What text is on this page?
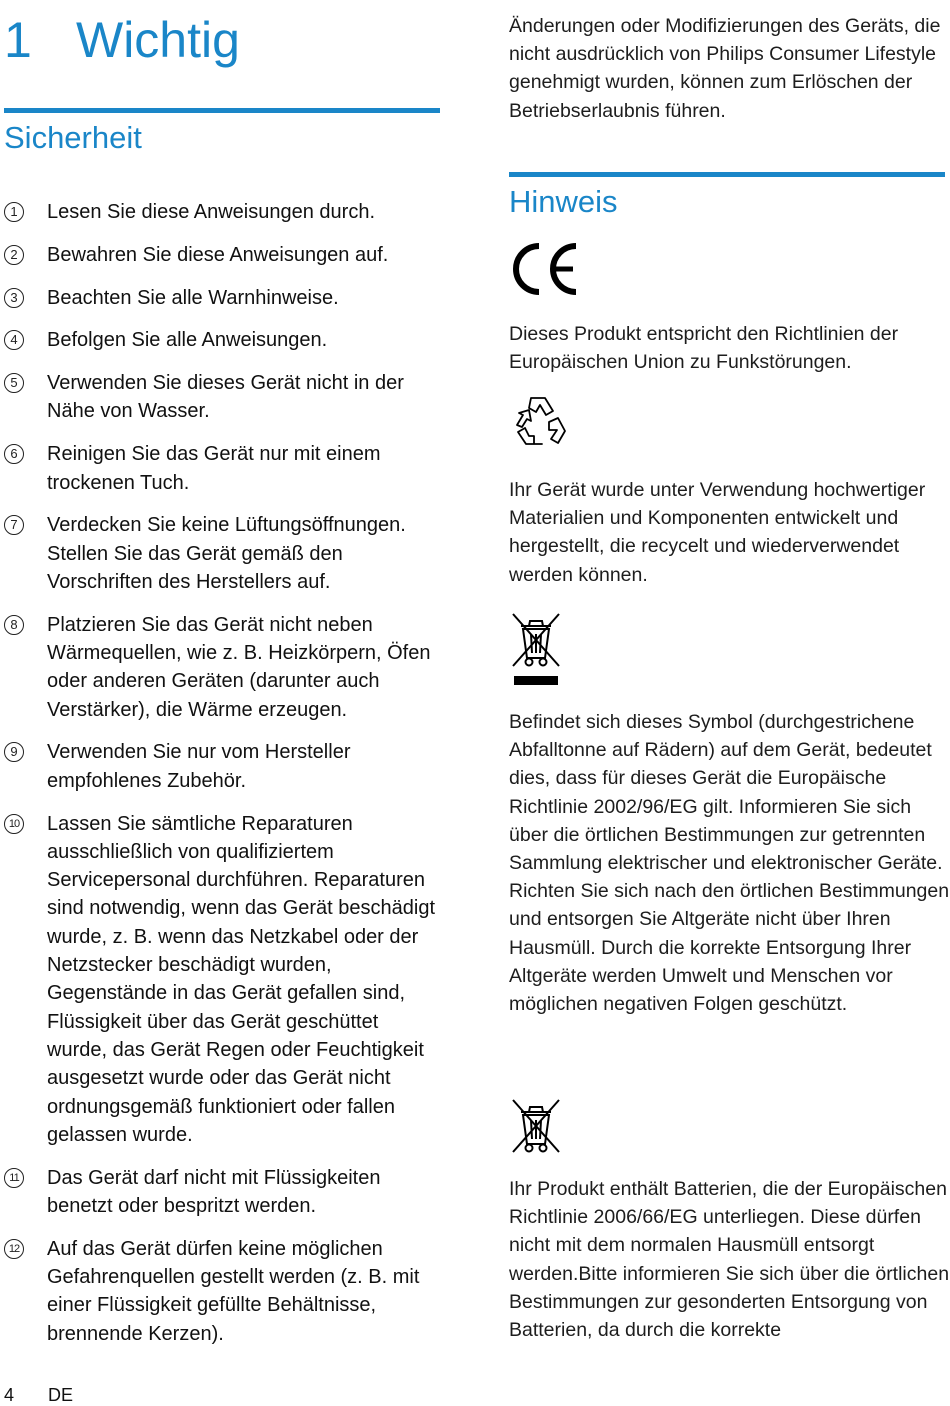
1 Wichtig
Sicherheit
1	Lesen Sie diese Anweisungen durch.
2	Bewahren Sie diese Anweisungen auf.
3	Beachten Sie alle Warnhinweise.
4	Befolgen Sie alle Anweisungen.
5	Verwenden Sie dieses Gerät nicht in der Nähe von Wasser.
6	Reinigen Sie das Gerät nur mit einem trockenen Tuch.
7	Verdecken Sie keine Lüftungsöffnungen. Stellen Sie das Gerät gemäß den Vorschriften des Herstellers auf.
8	Platzieren Sie das Gerät nicht neben Wärmequellen, wie z. B. Heizkörpern, Öfen oder anderen Geräten (darunter auch Verstärker), die Wärme erzeugen.
9	Verwenden Sie nur vom Hersteller empfohlenes Zubehör.
10 Lassen Sie sämtliche Reparaturen ausschließlich von qualifiziertem Servicepersonal durchführen. Reparaturen sind notwendig, wenn das Gerät beschädigt wurde, z. B. wenn das Netzkabel oder der Netzstecker beschädigt wurden, Gegenstände in das Gerät gefallen sind, Flüssigkeit über das Gerät geschüttet wurde, das Gerät Regen oder Feuchtigkeit ausgesetzt wurde oder das Gerät nicht ordnungsgemäß funktioniert oder fallen gelassen wurde.
11 Das Gerät darf nicht mit Flüssigkeiten benetzt oder bespritzt werden.
12 Auf das Gerät dürfen keine möglichen Gefahrenquellen gestellt werden (z. B. mit einer Flüssigkeit gefüllte Behältnisse, brennende Kerzen).
4 DE

Änderungen oder Modifizierungen des Geräts, die nicht ausdrücklich von Philips Consumer Lifestyle genehmigt wurden, können zum Erlöschen der Betriebserlaubnis führen.

Hinweis

Dieses Produkt entspricht den Richtlinien der Europäischen Union zu Funkstörungen.

Ihr Gerät wurde unter Verwendung hochwertiger Materialien und Komponenten entwickelt und hergestellt, die recycelt und wiederverwendet werden können.

Befindet sich dieses Symbol (durchgestrichene Abfalltonne auf Rädern) auf dem Gerät, bedeutet dies, dass für dieses Gerät die Europäische Richtlinie 2002/96/EG gilt. Informieren Sie sich über die örtlichen Bestimmungen zur getrennten Sammlung elektrischer und elektronischer Geräte. Richten Sie sich nach den örtlichen Bestimmungen und entsorgen Sie Altgeräte nicht über Ihren Hausmüll. Durch die korrekte Entsorgung Ihrer Altgeräte werden Umwelt und Menschen vor möglichen negativen Folgen geschützt.

Ihr Produkt enthält Batterien, die der Europäischen Richtlinie 2006/66/EG unterliegen. Diese dürfen nicht mit dem normalen Hausmüll entsorgt werden.Bitte informieren Sie sich über die örtlichen Bestimmungen zur gesonderten Entsorgung von Batterien, da durch die korrekte
